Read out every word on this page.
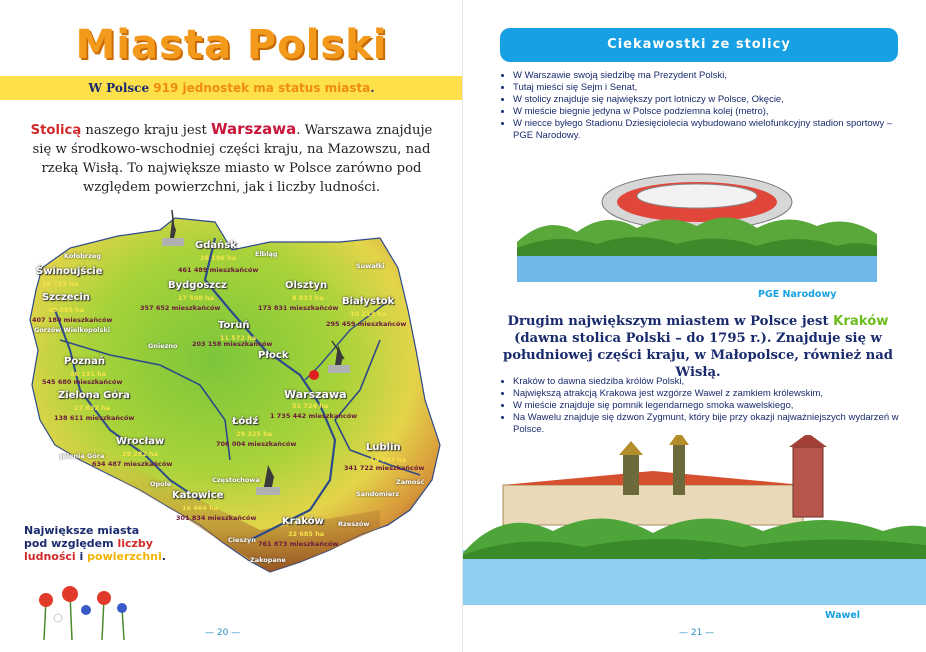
Miasta Polski
W Polsce 919 jednostek ma status miasta.
Stolicą naszego kraju jest Warszawa. Warszawa znajduje się w środkowo-wschodniej części kraju, na Mazowszu, nad rzeką Wisłą. To największe miasto w Polsce zarówno pod względem powierzchni, jak i liczby ludności.
Gdańsk
26 196 ha
461 489 mieszkańców
Świnoujście
19 723 ha
Szczecin
30 055 ha
407 180 mieszkańców
Bydgoszcz
17 598 ha
357 652 mieszkańców
Olsztyn
8 833 ha
173 831 mieszkańców
Białystok
10 213 ha
295 459 mieszkańców
Toruń
11 572 ha
203 158 mieszkańców
Poznań
26 191 ha
545 680 mieszkańców
Płock
Warszawa
51 724 ha
1 735 442 mieszkańców
Zielona Góra
27 832 ha
138 611 mieszkańców	Łódź
29 325 ha
706 004 mieszkańców
Wrocław
29 282 ha
634 487 mieszkańców
Lublin
14 747 ha
341 722 mieszkańców
Katowice
16 464 ha
301 834 mieszkańców	Kraków
32 685 ha
761 873 mieszkańców
Kołobrzeg	Elbląg
Suwałki
Gorzów Wielkopolski
Gniezno
Jelenia Góra
Opole	Częstochowa
Sandomierz
Zamość
Rzeszów
Cieszyn
Zakopane
Największe miasta
pod względem liczby
ludności i powierzchni.
— 20 —
Ciekawostki ze stolicy
• W Warszawie swoją siedzibę ma Prezydent Polski,
• Tutaj mieści się Sejm i Senat,
• W stolicy znajduje się największy port lotniczy w Polsce, Okęcie,
• W mieście biegnie jedyna w Polsce podziemna kolej (metro),
• W niecce byłego Stadionu Dziesięciolecia wybudowano wielofunkcyjny stadion sportowy – PGE Narodowy.
PGE Narodowy
Drugim największym miastem w Polsce jest Kraków (dawna stolica Polski – do 1795 r.). Znajduje się w południowej części kraju, w Małopolsce, również nad Wisłą.
• Kraków to dawna siedziba królów Polski,
• Największą atrakcją Krakowa jest wzgórze Wawel z zamkiem królewskim,
• W mieście znajduje się pomnik legendarnego smoka wawelskiego,
• Na Wawelu znajduje się dzwon Zygmunt, który bije przy okazji najważniejszych wydarzeń w Polsce.
Wawel
— 21 —
